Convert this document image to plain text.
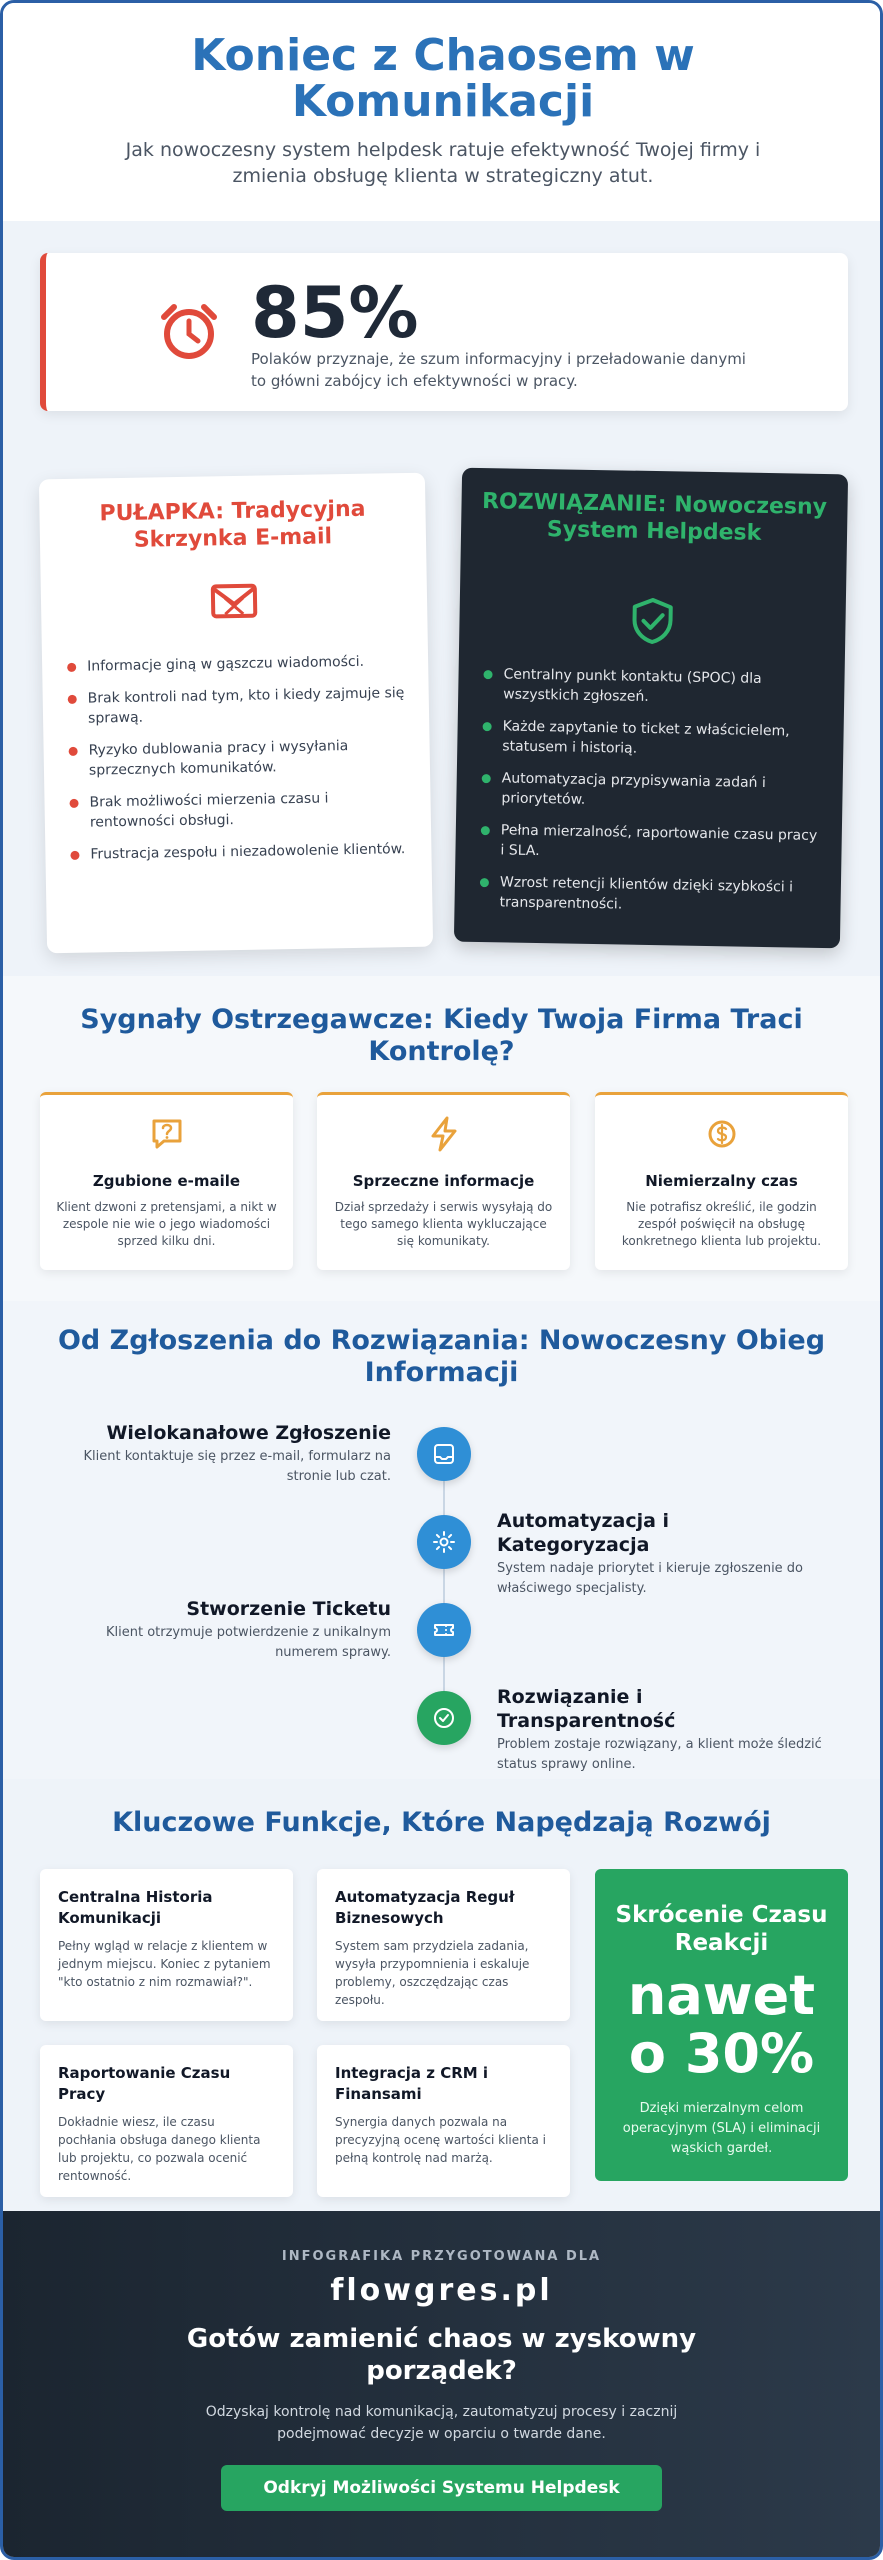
Koniec z Chaosem w Komunikacji

Jak nowoczesny system helpdesk ratuje efektywność Twojej firmy i zmienia obsługę klienta w strategiczny atut.

85%
Polaków przyznaje, że szum informacyjny i przeładowanie danymi to główni zabójcy ich efektywności w pracy.
PUŁAPKA: Tradycyjna Skrzynka E-mail
Informacje giną w gąszczu wiadomości.
Brak kontroli nad tym, kto i kiedy zajmuje się sprawą.
Ryzyko dublowania pracy i wysyłania sprzecznych komunikatów.
Brak możliwości mierzenia czasu i rentowności obsługi.
Frustracja zespołu i niezadowolenie klientów.
ROZWIĄZANIE: Nowoczesny System Helpdesk
Centralny punkt kontaktu (SPOC) dla wszystkich zgłoszeń.
Każde zapytanie to ticket z właścicielem, statusem i historią.
Automatyzacja przypisywania zadań i priorytetów.
Pełna mierzalność, raportowanie czasu pracy i SLA.
Wzrost retencji klientów dzięki szybkości i transparentności.
Sygnały Ostrzegawcze: Kiedy Twoja Firma Traci Kontrolę?
Zgubione e-maile

Klient dzwoni z pretensjami, a nikt w zespole nie wie o jego wiadomości sprzed kilku dni.

Sprzeczne informacje

Dział sprzedaży i serwis wysyłają do tego samego klienta wykluczające się komunikaty.

Niemierzalny czas

Nie potrafisz określić, ile godzin zespół poświęcił na obsługę konkretnego klienta lub projektu.

Od Zgłoszenia do Rozwiązania: Nowoczesny Obieg Informacji
Wielokanałowe Zgłoszenie

Klient kontaktuje się przez e-mail, formularz na stronie lub czat.

Automatyzacja i Kategoryzacja

System nadaje priorytet i kieruje zgłoszenie do właściwego specjalisty.

Stworzenie Ticketu

Klient otrzymuje potwierdzenie z unikalnym numerem sprawy.

Rozwiązanie i Transparentność

Problem zostaje rozwiązany, a klient może śledzić status sprawy online.

Kluczowe Funkcje, Które Napędzają Rozwój
Centralna Historia Komunikacji

Pełny wgląd w relacje z klientem w jednym miejscu. Koniec z pytaniem "kto ostatnio z nim rozmawiał?".

Automatyzacja Reguł Biznesowych

System sam przydziela zadania, wysyła przypomnienia i eskaluje problemy, oszczędzając czas zespołu.

Raportowanie Czasu Pracy

Dokładnie wiesz, ile czasu pochłania obsługa danego klienta lub projektu, co pozwala ocenić rentowność.

Integracja z CRM i Finansami

Synergia danych pozwala na precyzyjną ocenę wartości klienta i pełną kontrolę nad marżą.

Skrócenie Czasu Reakcji
nawet o 30%

Dzięki mierzalnym celom operacyjnym (SLA) i eliminacji wąskich gardeł.

INFOGRAFIKA PRZYGOTOWANA DLA
flowgres.pl
Gotów zamienić chaos w zyskowny porządek?
Odzyskaj kontrolę nad komunikacją, zautomatyzuj procesy i zacznij podejmować decyzje w oparciu o twarde dane.
Odkryj Możliwości Systemu Helpdesk
